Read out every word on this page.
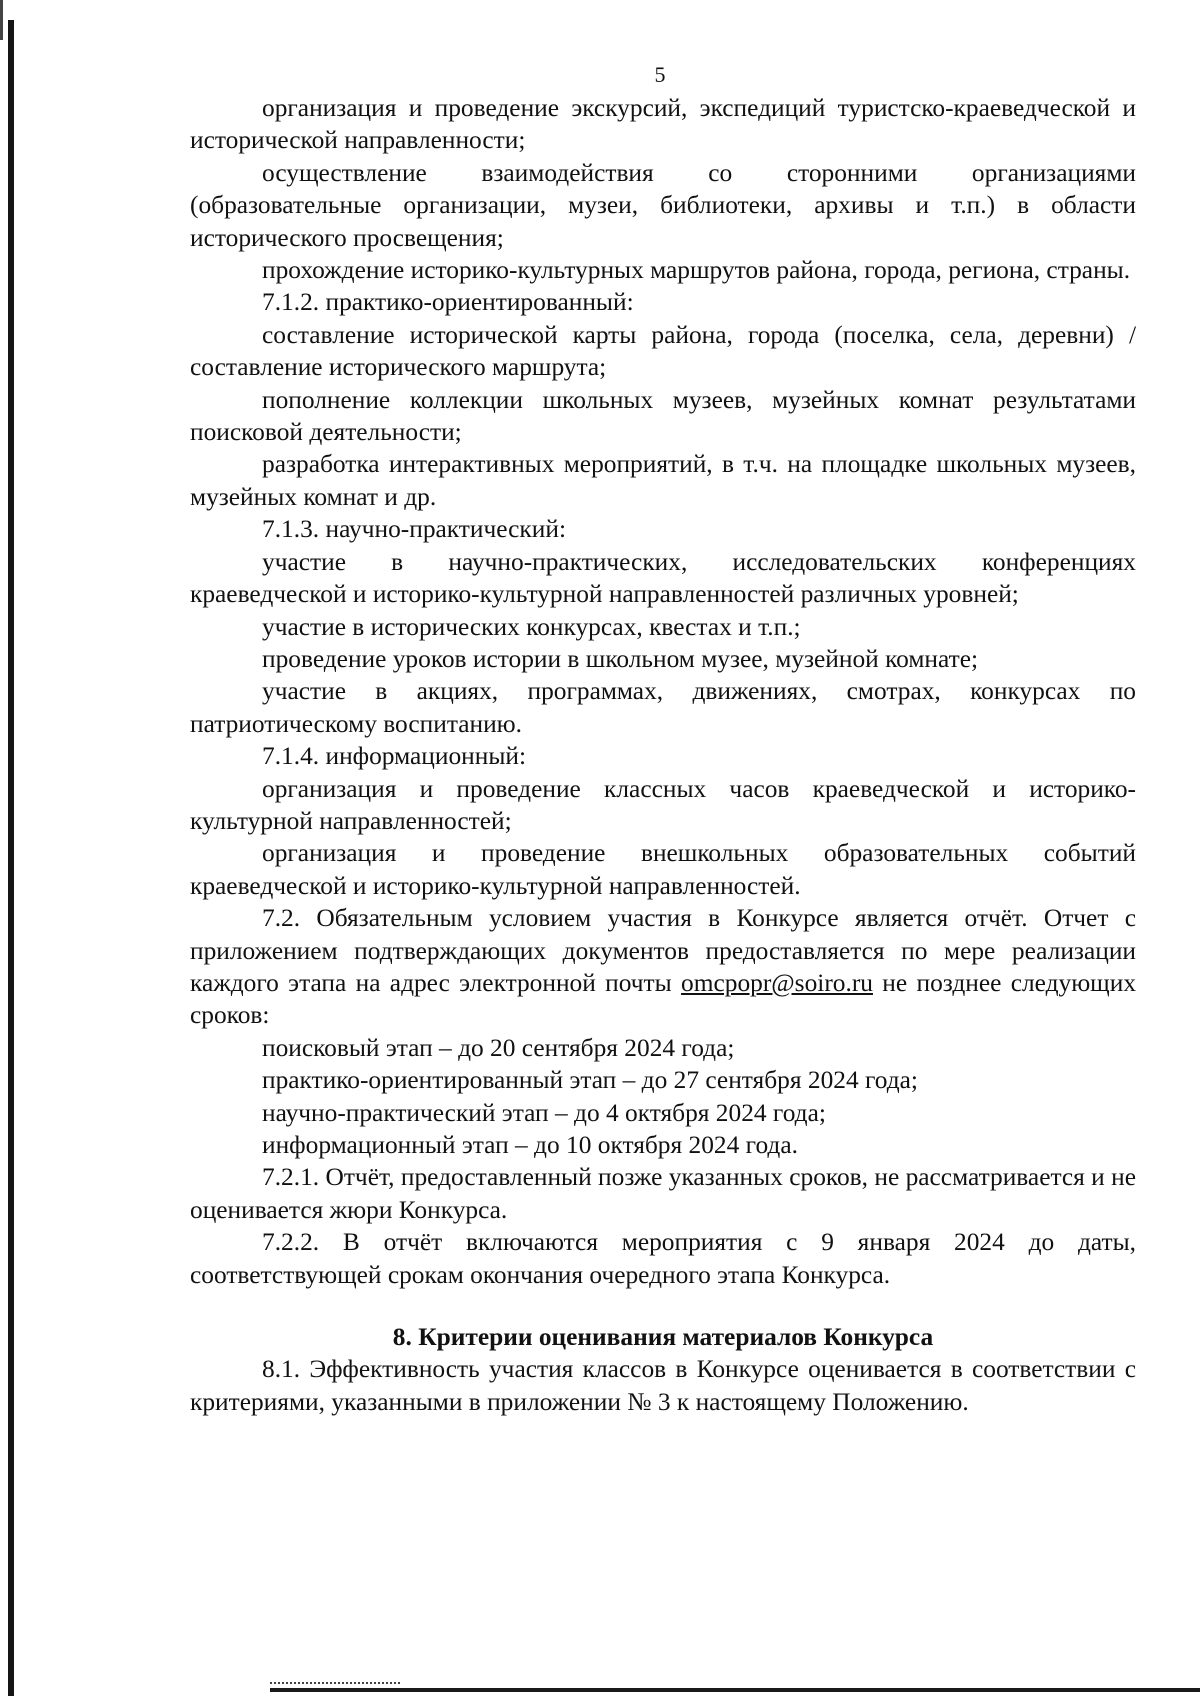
5

организация и проведение экскурсий, экспедиций туристско-краеведческой и исторической направленности;

осуществление взаимодействия со сторонними организациями (образовательные организации, музеи, библиотеки, архивы и т.п.) в области исторического просвещения;

прохождение историко-культурных маршрутов района, города, региона, страны.

7.1.2. практико-ориентированный:

составление исторической карты района, города (поселка, села, деревни) / составление исторического маршрута;

пополнение коллекции школьных музеев, музейных комнат результатами поисковой деятельности;

разработка интерактивных мероприятий, в т.ч. на площадке школьных музеев, музейных комнат и др.

7.1.3. научно-практический:

участие в научно-практических, исследовательских конференциях краеведческой и историко-культурной направленностей различных уровней;

участие в исторических конкурсах, квестах и т.п.;

проведение уроков истории в школьном музее, музейной комнате;

участие в акциях, программах, движениях, смотрах, конкурсах по патриотическому воспитанию.

7.1.4. информационный:

организация и проведение классных часов краеведческой и историко-культурной направленностей;

организация и проведение внешкольных образовательных событий краеведческой и историко-культурной направленностей.

7.2. Обязательным условием участия в Конкурсе является отчёт. Отчет с приложением подтверждающих документов предоставляется по мере реализации каждого этапа на адрес электронной почты omcpopr@soiro.ru не позднее следующих сроков:

поисковый этап – до 20 сентября 2024 года;

практико-ориентированный этап – до 27 сентября 2024 года;

научно-практический этап – до 4 октября 2024 года;

информационный этап – до 10 октября 2024 года.

7.2.1. Отчёт, предоставленный позже указанных сроков, не рассматривается и не оценивается жюри Конкурса.

7.2.2. В отчёт включаются мероприятия с 9 января 2024 до даты, соответствующей срокам окончания очередного этапа Конкурса.

8. Критерии оценивания материалов Конкурса

8.1. Эффективность участия классов в Конкурсе оценивается в соответствии с критериями, указанными в приложении № 3 к настоящему Положению.
